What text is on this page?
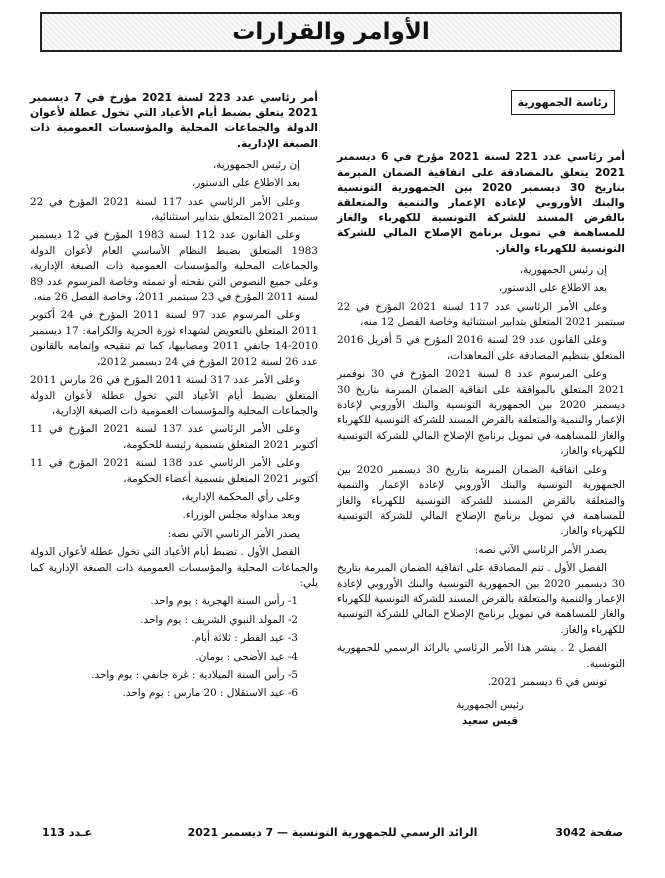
الأوامر والقرارات
رئاسة الجمهورية
أمر رئاسي عدد 221 لسنة 2021 مؤرخ في 6 ديسمبر 2021 يتعلق بالمصادقة على اتفاقية الضمان المبرمة بتاريخ 30 ديسمبر 2020 بين الجمهورية التونسية والبنك الأوروبي لإعادة الإعمار والتنمية والمتعلقة بالقرض المسند للشركة التونسية للكهرباء والغاز للمساهمة في تمويل برنامج الإصلاح المالي للشركة التونسية للكهرباء والغاز.

إن رئيس الجمهورية،

بعد الاطلاع على الدستور،

وعلى الأمر الرئاسي عدد 117 لسنة 2021 المؤرخ في 22 سبتمبر 2021 المتعلق بتدابير استثنائية وخاصة الفصل 12 منه،

وعلى القانون عدد 29 لسنة 2016 المؤرخ في 5 أفريل 2016 المتعلق بتنظيم المصادقة على المعاهدات،

وعلى المرسوم عدد 8 لسنة 2021 المؤرخ في 30 نوفمبر 2021 المتعلق بالموافقة على اتفاقية الضمان المبرمة بتاريخ 30 ديسمبر 2020 بين الجمهورية التونسية والبنك الأوروبي لإعادة الإعمار والتنمية والمتعلقة بالقرض المسند للشركة التونسية للكهرباء والغاز للمساهمة في تمويل برنامج الإصلاح المالي للشركة التونسية للكهرباء والغاز،

وعلى اتفاقية الضمان المبرمة بتاريخ 30 ديسمبر 2020 بين الجمهورية التونسية والبنك الأوروبي لإعادة الإعمار والتنمية والمتعلقة بالقرض المسند للشركة التونسية للكهرباء والغاز للمساهمة في تمويل برنامج الإصلاح المالي للشركة التونسية للكهرباء والغاز.

يصدر الأمر الرئاسي الآتي نصه:

الفصل الأول . تتم المصادقة على اتفاقية الضمان المبرمة بتاريخ 30 ديسمبر 2020 بين الجمهورية التونسية والبنك الأوروبي لإعادة الإعمار والتنمية والمتعلقة بالقرض المسند للشركة التونسية للكهرباء والغاز للمساهمة في تمويل برنامج الإصلاح المالي للشركة التونسية للكهرباء والغاز.

الفصل 2 . ينشر هذا الأمر الرئاسي بالرائد الرسمي للجمهورية التونسية.

تونس في 6 ديسمبر 2021.

رئيس الجمهورية
قيس سعيد
أمر رئاسي عدد 223 لسنة 2021 مؤرخ في 7 ديسمبر 2021 يتعلق بضبط أيام الأعياد التي تخول عطلة لأعوان الدولة والجماعات المحلية والمؤسسات العمومية ذات الصبغة الإدارية.

إن رئيس الجمهورية،

بعد الاطلاع على الدستور،

وعلى الأمر الرئاسي عدد 117 لسنة 2021 المؤرخ في 22 سبتمبر 2021 المتعلق بتدابير استثنائية،

وعلى القانون عدد 112 لسنة 1983 المؤرخ في 12 ديسمبر 1983 المتعلق بضبط النظام الأساسي العام لأعوان الدولة والجماعات المحلية والمؤسسات العمومية ذات الصبغة الإدارية، وعلى جميع النصوص التي نقحته أو تممته وخاصة المرسوم عدد 89 لسنة 2011 المؤرخ في 23 سبتمبر 2011، وخاصة الفصل 26 منه،

وعلى المرسوم عدد 97 لسنة 2011 المؤرخ في 24 أكتوبر 2011 المتعلق بالتعويض لشهداء ثورة الحرية والكرامة: 17 ديسمبر 2010-14 جانفي 2011 ومصابيها، كما تم تنقيحه وإتمامه بالقانون عدد 26 لسنة 2012 المؤرخ في 24 ديسمبر 2012،

وعلى الأمر عدد 317 لسنة 2011 المؤرخ في 26 مارس 2011 المتعلق بضبط أيام الأعياد التي تخول عطلة لأعوان الدولة والجماعات المحلية والمؤسسات العمومية ذات الصبغة الإدارية،

وعلى الأمر الرئاسي عدد 137 لسنة 2021 المؤرخ في 11 أكتوبر 2021 المتعلق بتسمية رئيسة للحكومة،

وعلى الأمر الرئاسي عدد 138 لسنة 2021 المؤرخ في 11 أكتوبر 2021 المتعلق بتسمية أعضاء الحكومة،

وعلى رأي المحكمة الإدارية،

وبعد مداولة مجلس الوزراء.

يصدر الأمر الرئاسي الآتي نصه:

الفصل الأول . تضبط أيام الأعياد التي تخول عطلة لأعوان الدولة والجماعات المحلية والمؤسسات العمومية ذات الصبغة الإدارية كما يلي:

1- رأس السنة الهجرية : يوم واحد.
2- المولد النبوي الشريف : يوم واحد.
3- عيد الفطر : ثلاثة أيام.
4- عيد الأضحى : يومان.
5- رأس السنة الميلادية : غرة جانفي : يوم واحد.
6- عيد الاستقلال : 20 مارس : يوم واحد.
صفحة 3042
الرائد الرسمي للجمهورية التونسية — 7 ديسمبر 2021
عـدد 113
